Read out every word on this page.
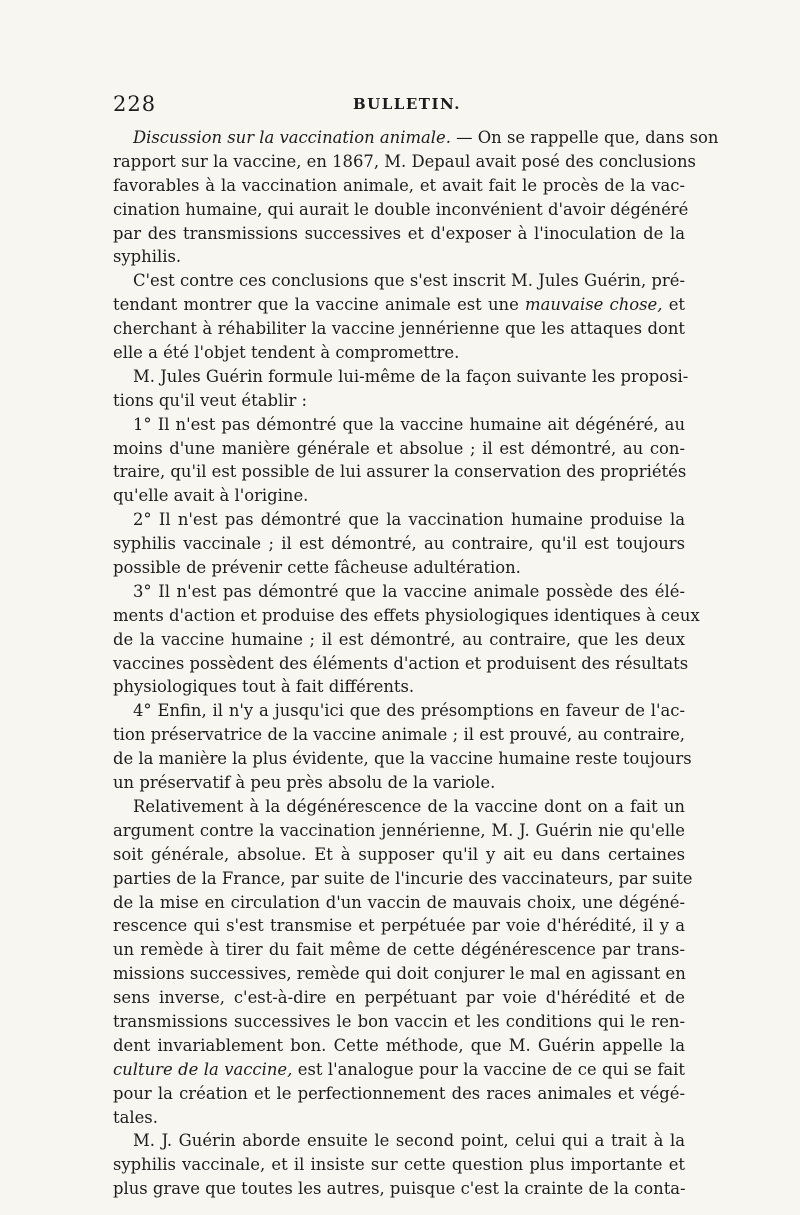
228	BULLETIN.
Discussion sur la vaccination animale. — On se rappelle que, dans son
rapport sur la vaccine, en 1867, M. Depaul avait posé des conclusions
favorables à la vaccination animale, et avait fait le procès de la vac-
cination humaine, qui aurait le double inconvénient d'avoir dégénéré
par des transmissions successives et d'exposer à l'inoculation de la
syphilis.
C'est contre ces conclusions que s'est inscrit M. Jules Guérin, pré-
tendant montrer que la vaccine animale est une mauvaise chose, et
cherchant à réhabiliter la vaccine jennérienne que les attaques dont
elle a été l'objet tendent à compromettre.
M. Jules Guérin formule lui-même de la façon suivante les proposi-
tions qu'il veut établir :
1° Il n'est pas démontré que la vaccine humaine ait dégénéré, au
moins d'une manière générale et absolue ; il est démontré, au con-
traire, qu'il est possible de lui assurer la conservation des propriétés
qu'elle avait à l'origine.
2° Il n'est pas démontré que la vaccination humaine produise la
syphilis vaccinale ; il est démontré, au contraire, qu'il est toujours
possible de prévenir cette fâcheuse adultération.
3° Il n'est pas démontré que la vaccine animale possède des élé-
ments d'action et produise des effets physiologiques identiques à ceux
de la vaccine humaine ; il est démontré, au contraire, que les deux
vaccines possèdent des éléments d'action et produisent des résultats
physiologiques tout à fait différents.
4° Enfin, il n'y a jusqu'ici que des présomptions en faveur de l'ac-
tion préservatrice de la vaccine animale ; il est prouvé, au contraire,
de la manière la plus évidente, que la vaccine humaine reste toujours
un préservatif à peu près absolu de la variole.
Relativement à la dégénérescence de la vaccine dont on a fait un
argument contre la vaccination jennérienne, M. J. Guérin nie qu'elle
soit générale, absolue. Et à supposer qu'il y ait eu dans certaines
parties de la France, par suite de l'incurie des vaccinateurs, par suite
de la mise en circulation d'un vaccin de mauvais choix, une dégéné-
rescence qui s'est transmise et perpétuée par voie d'hérédité, il y a
un remède à tirer du fait même de cette dégénérescence par trans-
missions successives, remède qui doit conjurer le mal en agissant en
sens inverse, c'est-à-dire en perpétuant par voie d'hérédité et de
transmissions successives le bon vaccin et les conditions qui le ren-
dent invariablement bon. Cette méthode, que M. Guérin appelle la
culture de la vaccine, est l'analogue pour la vaccine de ce qui se fait
pour la création et le perfectionnement des races animales et végé-
tales.
M. J. Guérin aborde ensuite le second point, celui qui a trait à la
syphilis vaccinale, et il insiste sur cette question plus importante et
plus grave que toutes les autres, puisque c'est la crainte de la conta-
